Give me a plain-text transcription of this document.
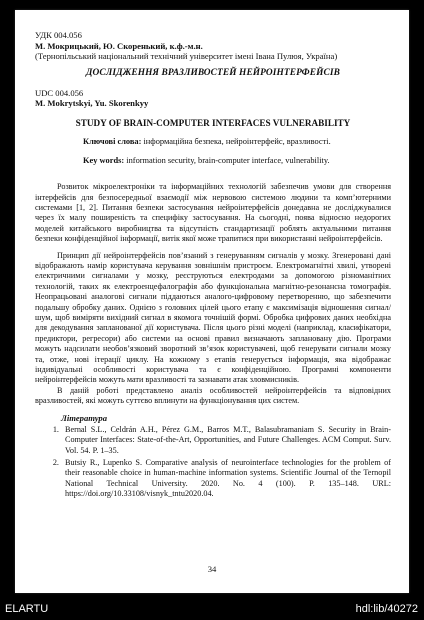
УДК 004.056

М. Мокрицький, Ю. Скоренький, к.ф.-м.н.

(Тернопільський національний технічний університет імені Івана Пулюя, Україна)

ДОСЛІДЖЕННЯ ВРАЗЛИВОСТЕЙ НЕЙРОІНТЕРФЕЙСІВ

UDC 004.056

M. Mokrytskyi, Yu. Skorenkyy

STUDY OF BRAIN-COMPUTER INTERFACES VULNERABILITY

Ключові слова: інформаційна безпека, нейроінтерфейс, вразливості.

Key words: information security, brain-computer interface, vulnerability.

Розвиток мікроелектроніки та інформаційних технологій забезпечив умови для створення інтерфейсів для безпосередньої взаємодії між нервовою системою людини та комп’ютерними системами [1, 2]. Питання безпеки застосування нейроінтерфейсів донедавна не досліджувалися через їх малу поширеність та специфіку застосування. На сьогодні, поява відносно недорогих моделей китайського виробництва та відсутність стандартизації роблять актуальними питання безпеки конфіденційної інформації, витік якої може трапитися при використанні нейроінтерфейсів.

Принцип дії нейроінтерфейсів пов’язаний з генеруванням сигналів у мозку. Згенеровані дані відображають намір користувача керування зовнішнім пристроєм. Електромагнітні хвилі, утворені електричними сигналами у мозку, реєструються електродами за допомогою різноманітних технологій, таких як електроенцефалографія або функціональна магнітно-резонансна томографія. Неопрацьовані аналогові сигнали піддаються аналого-цифровому перетворенню, що забезпечити подальшу обробку даних. Однією з головних цілей цього етапу є максимізація відношення сигнал/шум, щоб виміряти вихідний сигнал в якомога точнішій формі. Обробка цифрових даних необхідна для декодування запланованої дії користувача. Після цього різні моделі (наприклад, класифікатори, предиктори, регресори) або системи на основі правил визначають заплановану дію. Програми можуть надсилати необов’язковий зворотний зв’язок користувачеві, щоб генерувати сигнали мозку та, отже, нові ітерації циклу. На кожному з етапів генерується інформація, яка відображає індивідуальні особливості користувача та є конфіденційною. Програмні компоненти нейроінтерфейсів можуть мати вразливості та зазнавати атак зловмисників.

В даній роботі представлено аналіз особливостей нейроінтерфейсів та відповідних вразливостей, які можуть суттєво вплинути на функціонування цих систем.

Література

1. Bernal S.L., Celdrán A.H., Pérez G.M., Barros M.T., Balasubramaniam S. Security in Brain-Computer Interfaces: State-of-the-Art, Opportunities, and Future Challenges. ACM Comput. Surv. Vol. 54. P. 1–35.
2. Butsiy R., Lupenko S. Comparative analysis of neurointerface technologies for the problem of their reasonable choice in human-machine information systems. Scientific Journal of the Ternopil National Technical University. 2020. No. 4 (100). P. 135–148. URL: https://doi.org/10.33108/visnyk_tntu2020.04.
34
ELARTU	hdl:lib/40272
